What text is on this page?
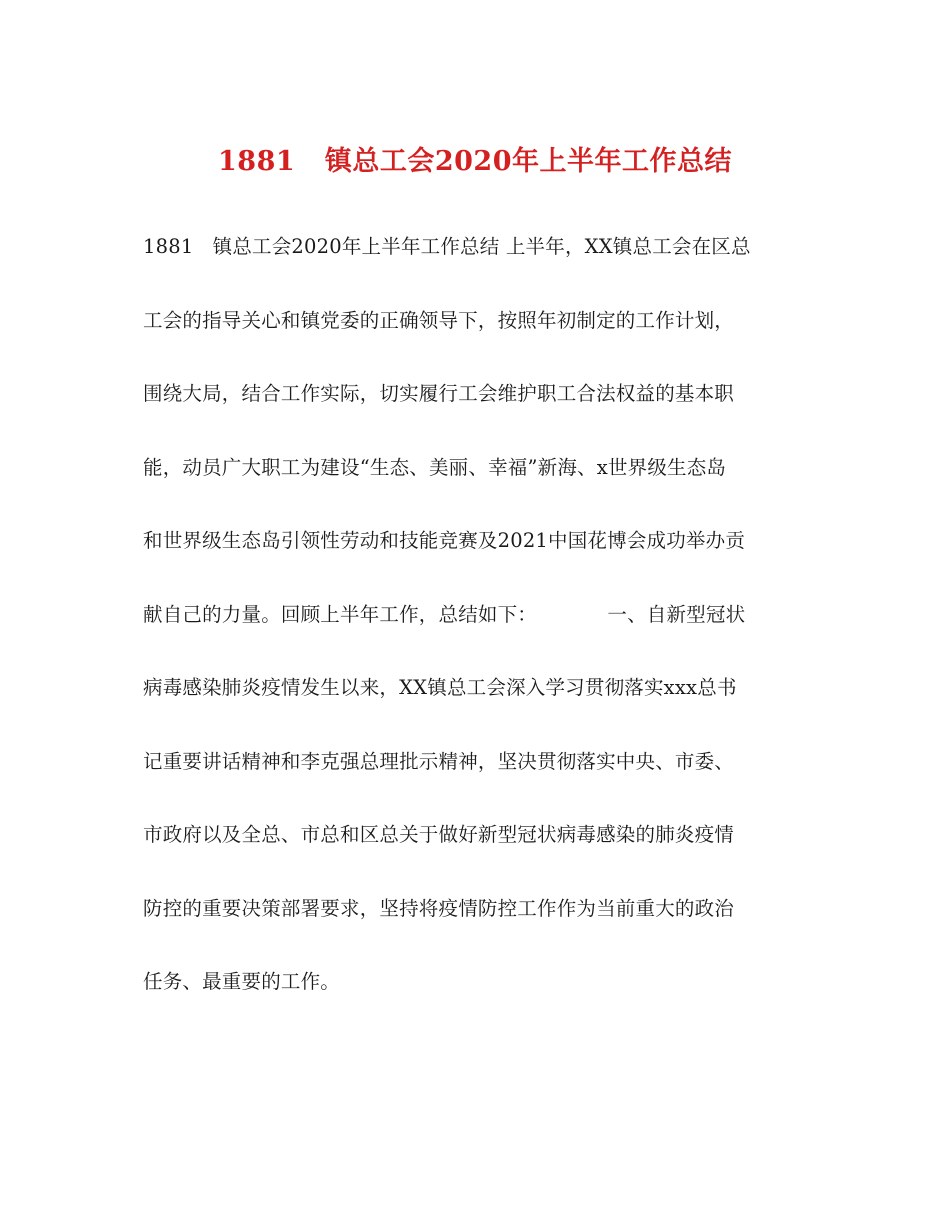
1881   镇总工会2020年上半年工作总结
1881   镇总工会2020年上半年工作总结 上半年，XX镇总工会在区总
工会的指导关心和镇党委的正确领导下，按照年初制定的工作计划，
围绕大局，结合工作实际，切实履行工会维护职工合法权益的基本职
能，动员广大职工为建设“生态、美丽、幸福”新海、x世界级生态岛
和世界级生态岛引领性劳动和技能竞赛及2021中国花博会成功举办贡
献自己的力量。回顾上半年工作，总结如下：           一、自新型冠状
病毒感染肺炎疫情发生以来，XX镇总工会深入学习贯彻落实xxx总书
记重要讲话精神和李克强总理批示精神，坚决贯彻落实中央、市委、
市政府以及全总、市总和区总关于做好新型冠状病毒感染的肺炎疫情
防控的重要决策部署要求，坚持将疫情防控工作作为当前重大的政治
任务、最重要的工作。
